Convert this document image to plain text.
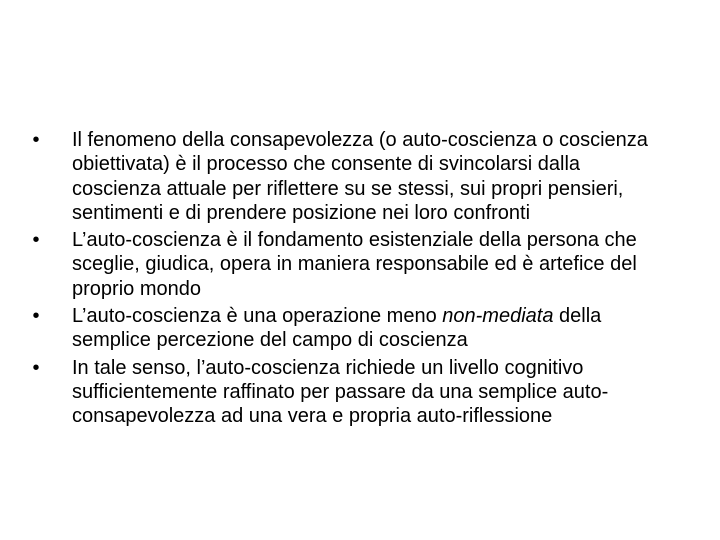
• Il fenomeno della consapevolezza (o auto-coscienza o coscienza obiettivata) è il processo che consente di svincolarsi dalla coscienza attuale per riflettere su se stessi, sui propri pensieri, sentimenti e di prendere posizione nei loro confronti
• L’auto-coscienza è il fondamento esistenziale della persona che sceglie, giudica, opera in maniera responsabile ed è artefice del proprio mondo
• L’auto-coscienza è una operazione meno non-mediata della semplice percezione del campo di coscienza
• In tale senso, l’auto-coscienza richiede un livello cognitivo sufficientemente raffinato per passare da una semplice auto-consapevolezza ad una vera e propria auto-riflessione
